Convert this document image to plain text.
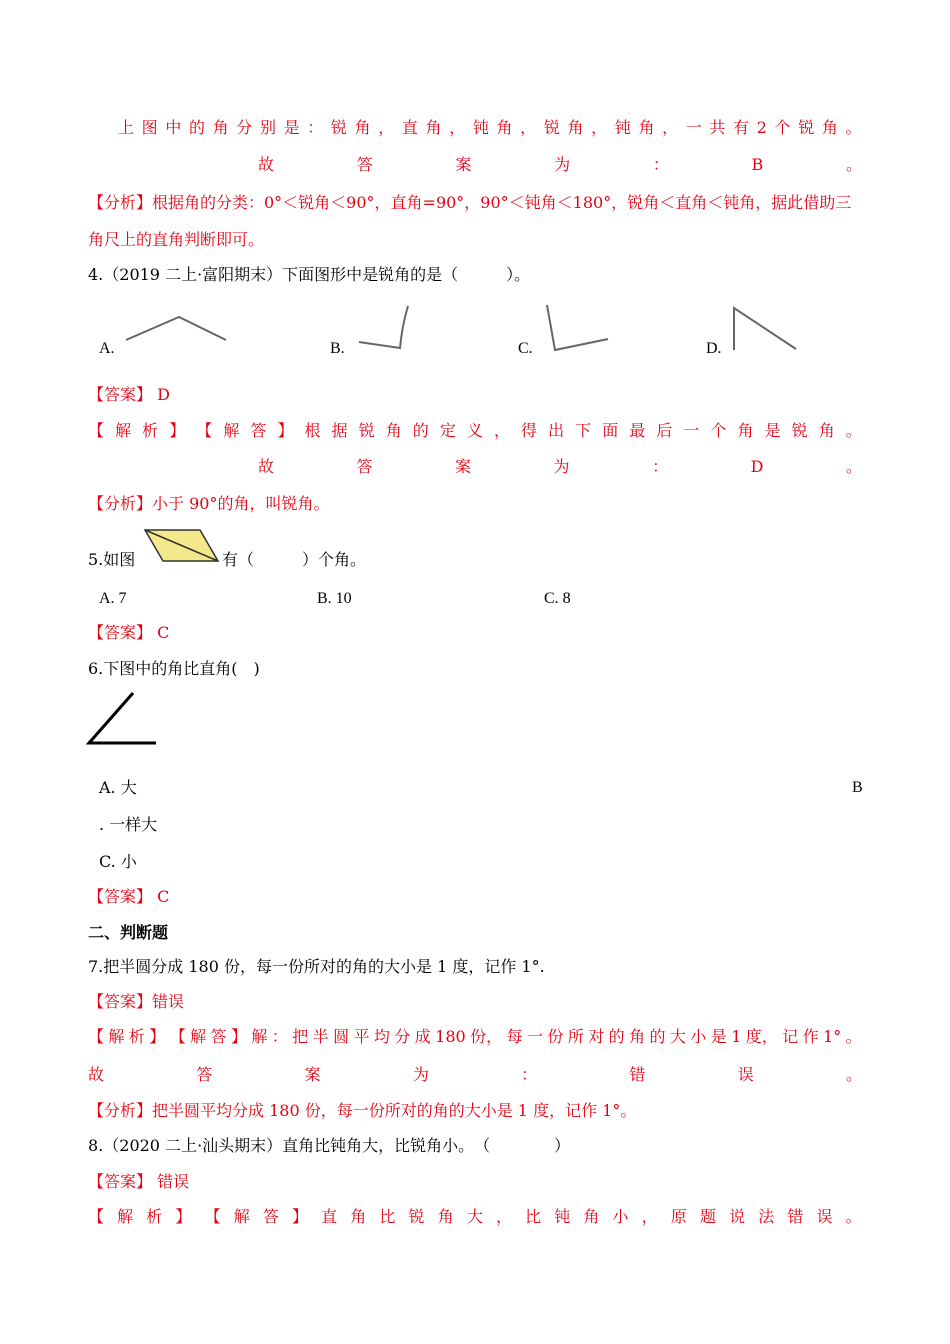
上 图 中 的 角 分 别 是 ： 锐 角 ， 直 角 ， 钝 角 ， 锐 角 ， 钝 角 ， 一 共 有 2 个 锐 角 。
故	答	案	为	：	B	。
【分析】根据角的分类：0°＜锐角＜90°，直角=90°，90°＜钝角＜180°，锐角＜直角＜钝角，据此借助三
角尺上的直角判断即可。
4.（2019 二上·富阳期末）下面图形中是锐角的是（　　　）。
A.	B.	C.	D.
【答案】 D
【 解 析 】 【 解 答 】 根 据 锐 角 的 定 义 ， 得 出 下 面 最 后 一 个 角 是 锐 角 。
故	答	案	为	：	D	。
【分析】小于 90°的角，叫锐角。
5.如图	有（　　　）个角。
A. 7	B. 10	C. 8
【答案】 C
6.下图中的角比直角(　)
A. 大	B
. 一样大
C. 小
【答案】 C
二、判断题
7.把半圆分成 180 份，每一份所对的角的大小是 1 度，记作 1°.
【答案】错误
【 解 析 】 【 解 答 】 解 ： 把 半 圆 平 均 分 成 180 份， 每 一 份 所 对 的 角 的 大 小 是 1 度， 记 作 1° 。
故	答	案	为	：	错	误	。
【分析】把半圆平均分成 180 份，每一份所对的角的大小是 1 度，记作 1°。
8.（2020 二上·汕头期末）直角比钝角大，比锐角小。　（　　　　）
【答案】 错误
【 解 析 】 【 解 答 】 直 角 比 锐 角 大 ， 比 钝 角 小 ， 原 题 说 法 错 误 。
